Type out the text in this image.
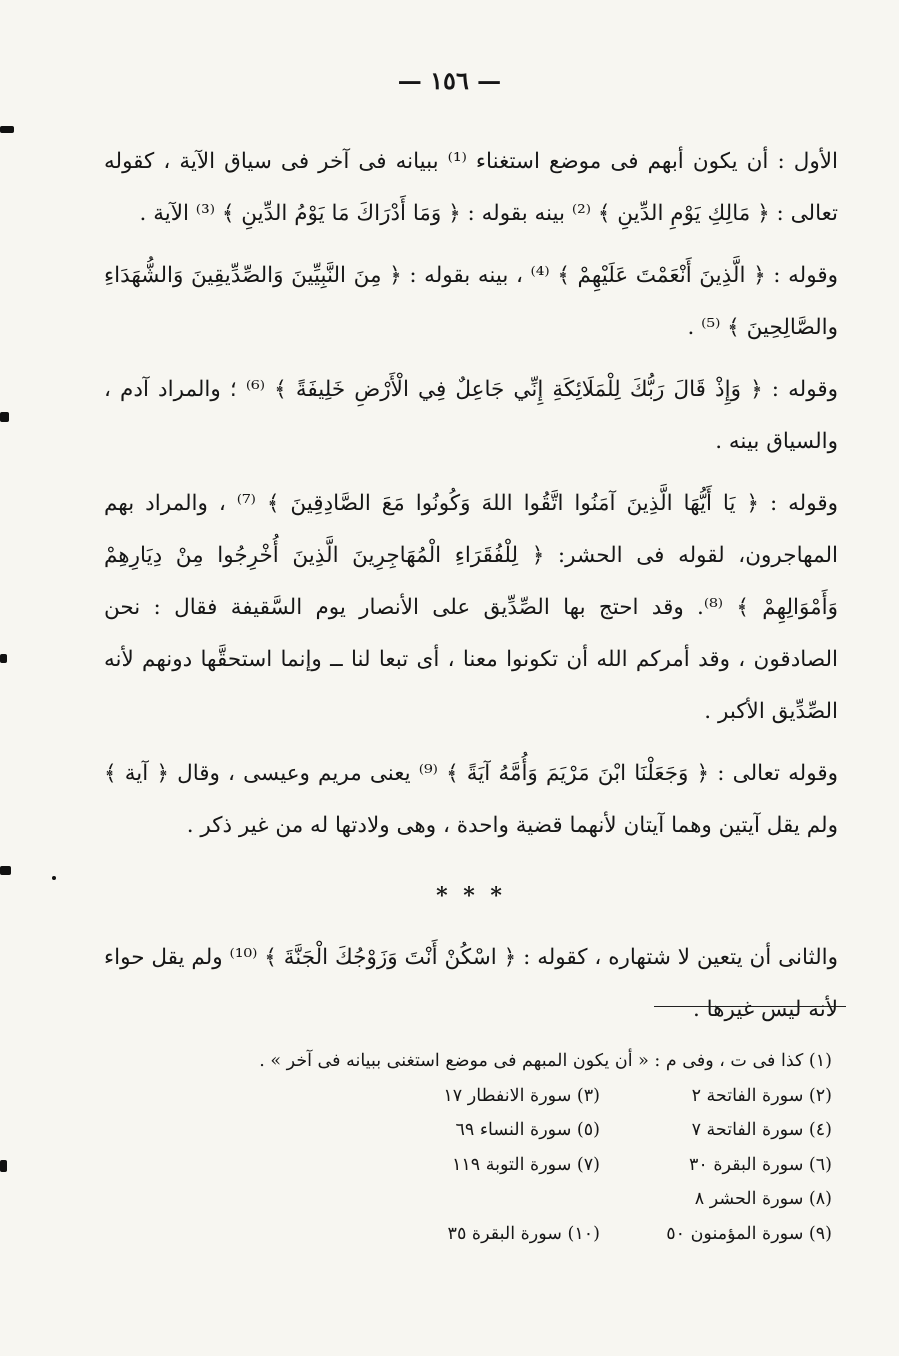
— ١٥٦ —

الأول : أن يكون أبهم فى موضع استغناء ⁽¹⁾ ببيانه فى آخر فى سياق الآية ، كقوله تعالى : ﴿ مَالِكِ يَوْمِ الدِّينِ ﴾ ⁽²⁾ بينه بقوله : ﴿ وَمَا أَدْرَاكَ مَا يَوْمُ الدِّينِ ﴾ ⁽³⁾ الآية .

وقوله : ﴿ الَّذِينَ أَنْعَمْتَ عَلَيْهِمْ ﴾ ⁽⁴⁾ ، بينه بقوله : ﴿ مِنَ النَّبِيِّينَ وَالصِّدِّيقِينَ وَالشُّهَدَاءِ والصَّالِحِينَ ﴾ ⁽⁵⁾ .

وقوله : ﴿ وَإِذْ قَالَ رَبُّكَ لِلْمَلَائِكَةِ إِنِّي جَاعِلٌ فِي الْأَرْضِ خَلِيفَةً ﴾ ⁽⁶⁾ ؛ والمراد آدم ، والسياق بينه .

وقوله : ﴿ يَا أَيُّهَا الَّذِينَ آمَنُوا اتَّقُوا اللهَ وَكُونُوا مَعَ الصَّادِقِينَ ﴾ ⁽⁷⁾ ، والمراد بهم المهاجرون، لقوله فى الحشر: ﴿ لِلْفُقَرَاءِ الْمُهَاجِرِينَ الَّذِينَ أُخْرِجُوا مِنْ دِيَارِهِمْ وَأَمْوَالِهِمْ ﴾ ⁽⁸⁾. وقد احتج بها الصِّدِّيق على الأنصار يوم السَّقيفة فقال : نحن الصادقون ، وقد أمركم الله أن تكونوا معنا ، أى تبعا لنا ــ وإنما استحقَّها دونهم لأنه الصِّدِّيق الأكبر .

وقوله تعالى : ﴿ وَجَعَلْنَا ابْنَ مَرْيَمَ وَأُمَّهُ آيَةً ﴾ ⁽⁹⁾ يعنى مريم وعيسى ، وقال ﴿ آية ﴾ ولم يقل آيتين وهما آيتان لأنهما قضية واحدة ، وهى ولادتها له من غير ذكر .

* * *

والثانى أن يتعين لا شتهاره ، كقوله : ﴿ اسْكُنْ أَنْتَ وَزَوْجُكَ الْجَنَّةَ ﴾ ⁽¹⁰⁾ ولم يقل حواء لأنه ليس غيرها .

(١) كذا فى ت ، وفى م : « أن يكون المبهم فى موضع استغنى ببيانه فى آخر » .
(٢) سورة الفاتحة ٢
(٣) سورة الانفطار ١٧
(٤) سورة الفاتحة ٧
(٥) سورة النساء ٦٩
(٦) سورة البقرة ٣٠
(٧) سورة التوبة ١١٩
(٨) سورة الحشر ٨
(٩) سورة المؤمنون ٥٠
(١٠) سورة البقرة ٣٥
